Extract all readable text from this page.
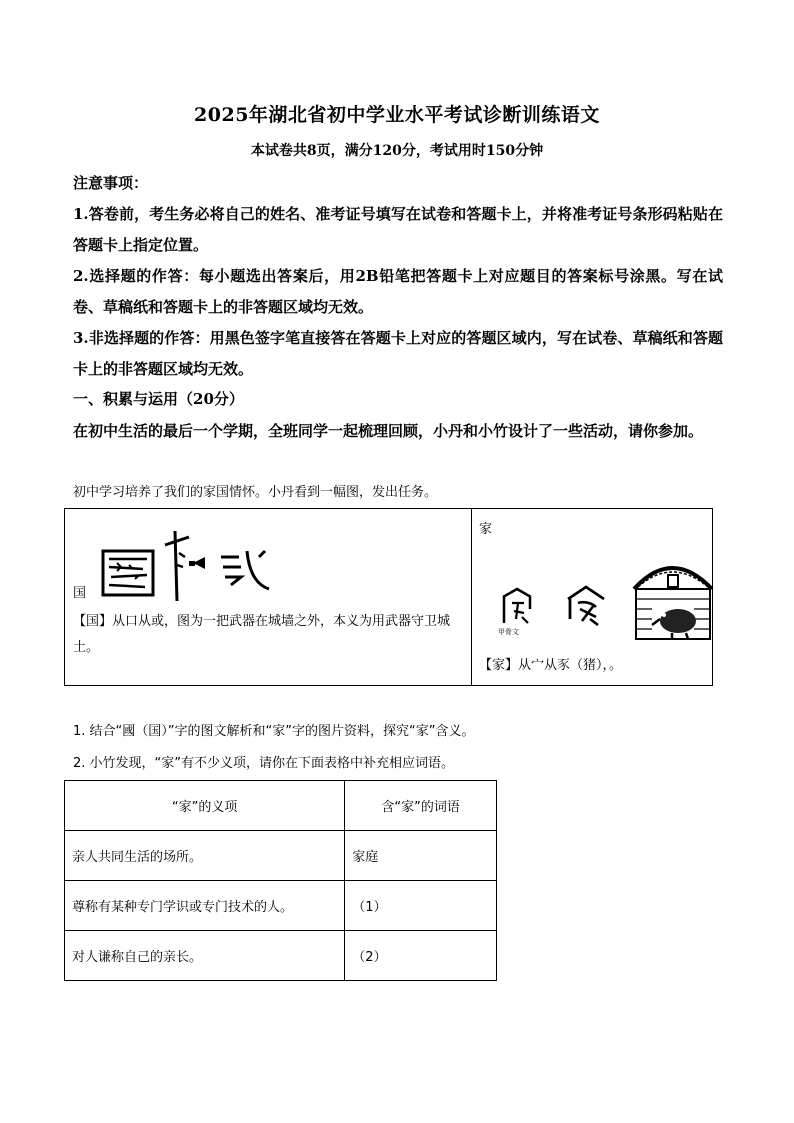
2025年湖北省初中学业水平考试诊断训练语文
本试卷共8页，满分120分，考试用时150分钟
注意事项：
1.答卷前，考生务必将自己的姓名、准考证号填写在试卷和答题卡上，并将准考证号条形码粘贴在答题卡上指定位置。
2.选择题的作答：每小题选出答案后，用2B铅笔把答题卡上对应题目的答案标号涂黑。写在试卷、草稿纸和答题卡上的非答题区域均无效。
3.非选择题的作答：用黑色签字笔直接答在答题卡上对应的答题区域内，写在试卷、草稿纸和答题卡上的非答题区域均无效。
一、积累与运用（20分）
在初中生活的最后一个学期，全班同学一起梳理回顾，小丹和小竹设计了一些活动，请你参加。
初中学习培养了我们的家国情怀。小丹看到一幅图，发出任务。
国
【国】从口从或，图为一把武器在城墙之外，本义为用武器守卫城土。
家
甲骨文
【家】从宀从豕（猪），。
1. 结合“國（国）”字的图文解析和“家”字的图片资料，探究“家”含义。
2. 小竹发现，“家”有不少义项，请你在下面表格中补充相应词语。
“家”的义项	含“家”的词语
亲人共同生活的场所。	家庭
尊称有某种专门学识或专门技术的人。	（1）
对人谦称自己的亲长。	（2）
